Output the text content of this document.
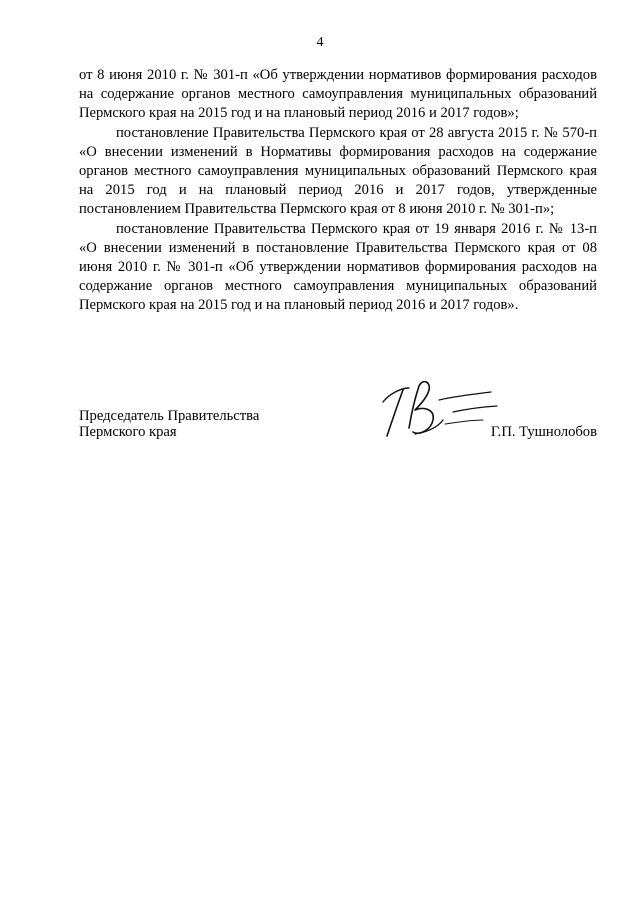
4

от 8 июня 2010 г. № 301-п «Об утверждении нормативов формирования расходов на содержание органов местного самоуправления муниципальных образований Пермского края на 2015 год и на плановый период 2016 и 2017 годов»;

постановление Правительства Пермского края от 28 августа 2015 г. № 570-п «О внесении изменений в Нормативы формирования расходов на содержание органов местного самоуправления муниципальных образований Пермского края на 2015 год и на плановый период 2016 и 2017 годов, утвержденные постановлением Правительства Пермского края от 8 июня 2010 г. № 301-п»;

постановление Правительства Пермского края от 19 января 2016 г. № 13-п «О внесении изменений в постановление Правительства Пермского края от 08 июня 2010 г. № 301-п «Об утверждении нормативов формирования расходов на содержание органов местного самоуправления муниципальных образований Пермского края на 2015 год и на плановый период 2016 и 2017 годов».

Председатель Правительства
Пермского края	Г.П. Тушнолобов
